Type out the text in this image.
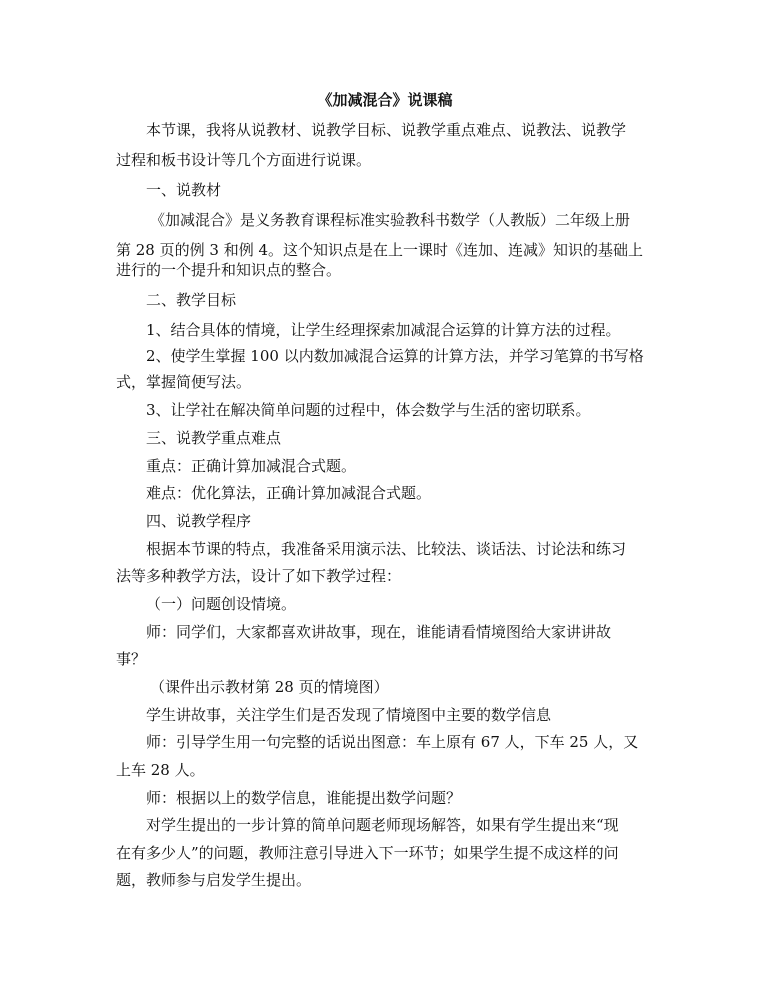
《加减混合》说课稿
本节课，我将从说教材、说教学目标、说教学重点难点、说教法、说教学
过程和板书设计等几个方面进行说课。
一、说教材
《加减混合》是义务教育课程标准实验教科书数学（人教版）二年级上册
第 28 页的例 3 和例 4。这个知识点是在上一课时《连加、连减》知识的基础上
进行的一个提升和知识点的整合。
二、教学目标
1、结合具体的情境，让学生经理探索加减混合运算的计算方法的过程。
2、使学生掌握 100 以内数加减混合运算的计算方法，并学习笔算的书写格
式，掌握简便写法。
3、让学社在解决简单问题的过程中，体会数学与生活的密切联系。
三、说教学重点难点
重点：正确计算加减混合式题。
难点：优化算法，正确计算加减混合式题。
四、说教学程序
根据本节课的特点，我准备采用演示法、比较法、谈话法、讨论法和练习
法等多种教学方法，设计了如下教学过程：
（一）问题创设情境。
师：同学们，大家都喜欢讲故事，现在，谁能请看情境图给大家讲讲故
事？
（课件出示教材第 28 页的情境图）
学生讲故事，关注学生们是否发现了情境图中主要的数学信息
师：引导学生用一句完整的话说出图意：车上原有 67 人，下车 25 人，又
上车 28 人。
师：根据以上的数学信息，谁能提出数学问题？
对学生提出的一步计算的简单问题老师现场解答，如果有学生提出来“现
在有多少人”的问题，教师注意引导进入下一环节；如果学生提不成这样的问
题，教师参与启发学生提出。
